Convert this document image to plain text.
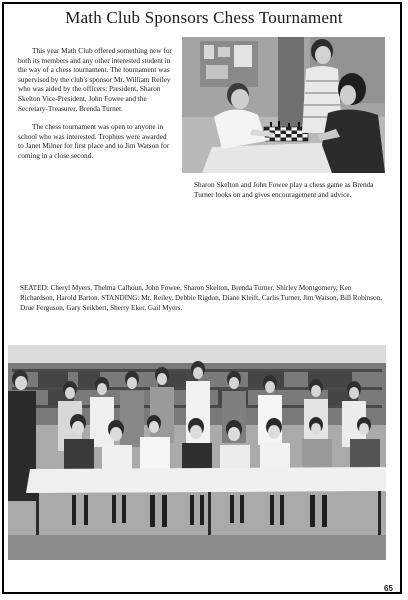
Math Club Sponsors Chess Tournament

This year Math Club offered something new for both its members and any other interested student in the way of a chess tournament. The tournament was supervised by the club's sponsor Mr. William Reiley who was aided by the officers: President, Sharon Skelton Vice-President, John Fowee and the Secretary-Treasurer, Brenda Turner.

The chess tournament was open to anyone in school who was interested. Trophies were awarded to Janet Milner for first place and to Jim Watson for coming in a close second.

Sharon Skelton and John Fowee play a chess game as Brenda Turner looks on and gives encouragement and advice.

SEATED: Cheryl Myers, Thelma Calhoun, John Fowee, Sharon Skelton, Brenda Turner, Shirley Montgomery, Ken Richardson, Harold Barton. STANDING: Mr. Reiley, Debbie Rigdon, Diane Kleift, Carlis Turner, Jim Watson, Bill Robinson, Drue Ferguson, Gary Seikbert, Sherry Eker, Gail Myers.

65
